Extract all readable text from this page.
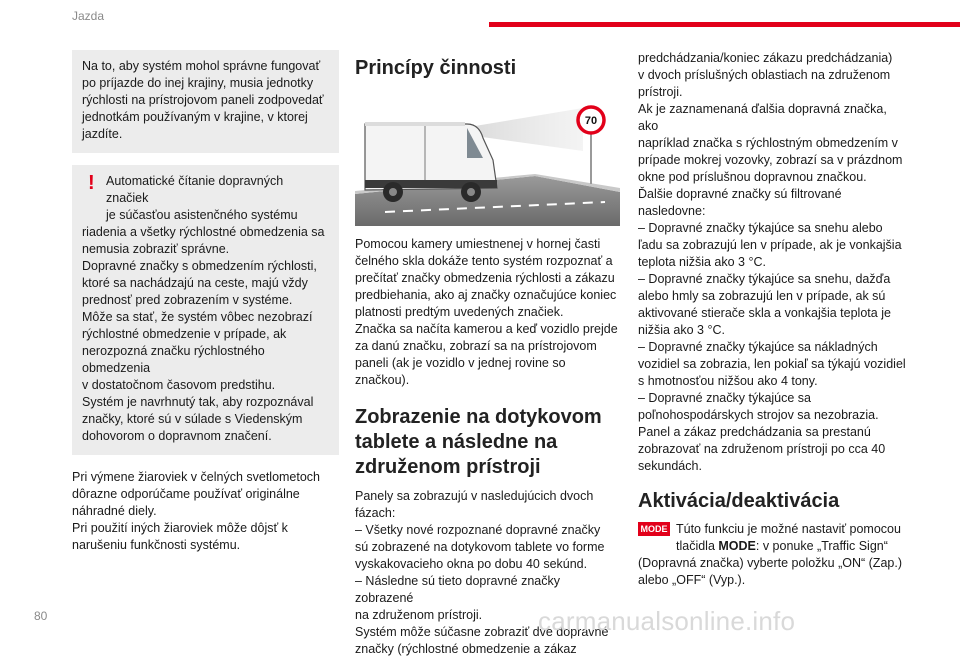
Jazda

Na to, aby systém mohol správne fungovať
po príjazde do inej krajiny, musia jednotky
rýchlosti na prístrojovom paneli zodpovedať
jednotkám používaným v krajine, v ktorej
jazdíte.

! Automatické čítanie dopravných značiek
je súčasťou asistenčného systému

riadenia a všetky rýchlostné obmedzenia sa
nemusia zobraziť správne.
Dopravné značky s obmedzením rýchlosti,
ktoré sa nachádzajú na ceste, majú vždy
prednosť pred zobrazením v systéme.
Môže sa stať, že systém vôbec nezobrazí
rýchlostné obmedzenie v prípade, ak
nerozpozná značku rýchlostného obmedzenia
v dostatočnom časovom predstihu.
Systém je navrhnutý tak, aby rozpoznával
značky, ktoré sú v súlade s Viedenským
dohovorom o dopravnom značení.

Pri výmene žiaroviek v čelných svetlometoch
dôrazne odporúčame používať originálne
náhradné diely.
Pri použití iných žiaroviek môže dôjsť k
narušeniu funkčnosti systému.

Princípy činnosti
70

Pomocou kamery umiestnenej v hornej časti
čelného skla dokáže tento systém rozpoznať a
prečítať značky obmedzenia rýchlosti a zákazu
predbiehania, ako aj značky označujúce koniec
platnosti predtým uvedených značiek.
Značka sa načíta kamerou a keď vozidlo prejde
za danú značku, zobrazí sa na prístrojovom
paneli (ak je vozidlo v jednej rovine so značkou).

Zobrazenie na dotykovom
tablete a následne na
združenom prístroji

Panely sa zobrazujú v nasledujúcich dvoch
fázach:
– Všetky nové rozpoznané dopravné značky
sú zobrazené na dotykovom tablete vo forme
vyskakovacieho okna po dobu 40 sekúnd.
– Následne sú tieto dopravné značky zobrazené
na združenom prístroji.
Systém môže súčasne zobraziť dve dopravné
značky (rýchlostné obmedzenie a zákaz

predchádzania/koniec zákazu predchádzania)
v dvoch príslušných oblastiach na združenom
prístroji.
Ak je zaznamenaná ďalšia dopravná značka, ako
napríklad značka s rýchlostným obmedzením v
prípade mokrej vozovky, zobrazí sa v prázdnom
okne pod príslušnou dopravnou značkou.
Ďalšie dopravné značky sú filtrované
nasledovne:
– Dopravné značky týkajúce sa snehu alebo
ľadu sa zobrazujú len v prípade, ak je vonkajšia
teplota nižšia ako 3 °C.
– Dopravné značky týkajúce sa snehu, dažďa
alebo hmly sa zobrazujú len v prípade, ak sú
aktivované stierače skla a vonkajšia teplota je
nižšia ako 3 °C.
– Dopravné značky týkajúce sa nákladných
vozidiel sa zobrazia, len pokiaľ sa týkajú vozidiel
s hmotnosťou nižšou ako 4 tony.
– Dopravné značky týkajúce sa
poľnohospodárskych strojov sa nezobrazia.
Panel a zákaz predchádzania sa prestanú
zobrazovať na združenom prístroji po cca 40
sekundách.

Aktivácia/deaktivácia
MODE Túto funkciu je možné nastaviť pomocou
tlačidla MODE: v ponuke „Traffic Sign“

(Dopravná značka) vyberte položku „ON“ (Zap.)
alebo „OFF“ (Vyp.).

80	carmanualsonline.info
